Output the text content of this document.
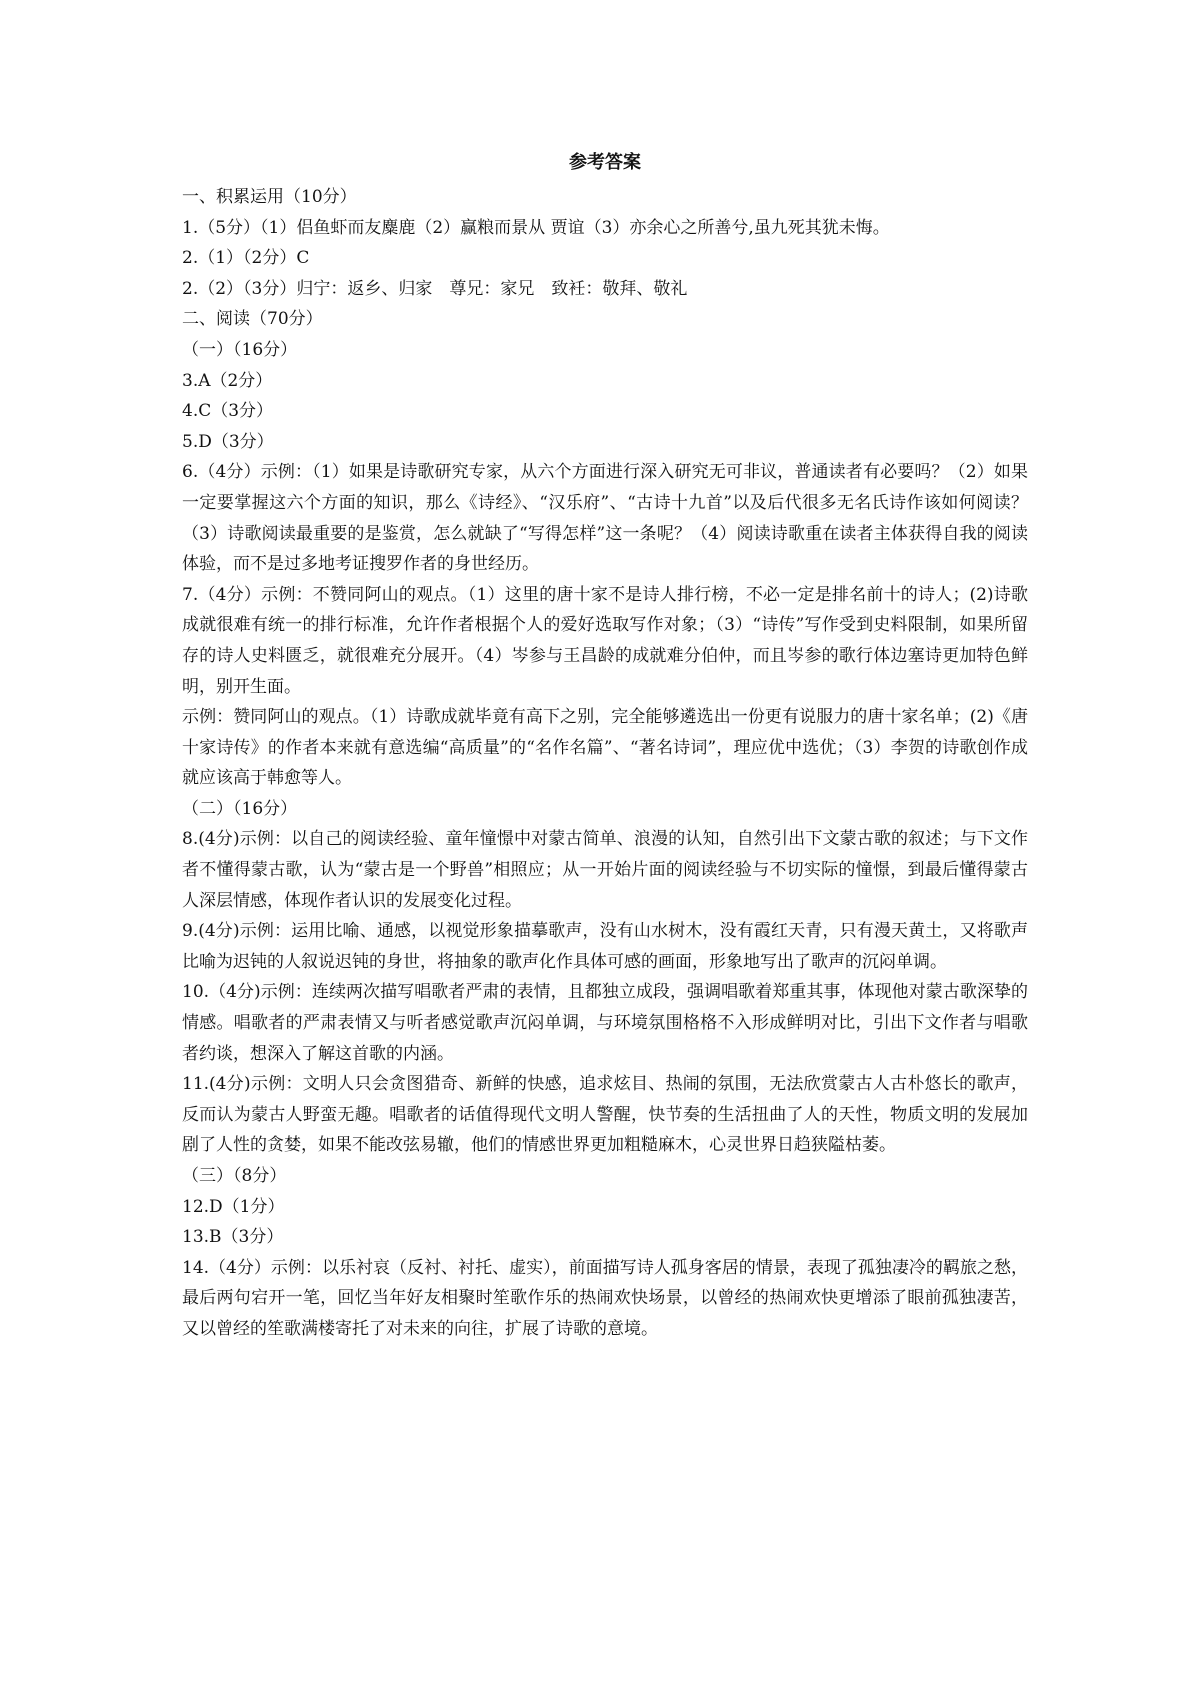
参考答案
一、积累运用（10分）

1.（5分）（1）侣鱼虾而友麋鹿（2）赢粮而景从 贾谊（3）亦余心之所善兮,虽九死其犹未悔。

2.（1）（2分）C

2.（2）（3分）归宁：返乡、归家　尊兄：家兄　致衽：敬拜、敬礼

二、阅读（70分）
（一）（16分）

3.A（2分）

4.C（3分）

5.D（3分）

6.（4分）示例：（1）如果是诗歌研究专家，从六个方面进行深入研究无可非议，普通读者有必要吗？（2）如果一定要掌握这六个方面的知识，那么《诗经》、“汉乐府”、“古诗十九首”以及后代很多无名氏诗作该如何阅读？（3）诗歌阅读最重要的是鉴赏，怎么就缺了“写得怎样”这一条呢？（4）阅读诗歌重在读者主体获得自我的阅读体验，而不是过多地考证搜罗作者的身世经历。

7.（4分）示例：不赞同阿山的观点。（1）这里的唐十家不是诗人排行榜，不必一定是排名前十的诗人；(2)诗歌成就很难有统一的排行标准，允许作者根据个人的爱好选取写作对象；（3）“诗传”写作受到史料限制，如果所留存的诗人史料匮乏，就很难充分展开。（4）岑参与王昌龄的成就难分伯仲，而且岑参的歌行体边塞诗更加特色鲜明，别开生面。

示例：赞同阿山的观点。（1）诗歌成就毕竟有高下之别，完全能够遴选出一份更有说服力的唐十家名单；(2)《唐十家诗传》的作者本来就有意选编“高质量”的“名作名篇”、“著名诗词”，理应优中选优；（3）李贺的诗歌创作成就应该高于韩愈等人。

（二）（16分）

8.(4分)示例：以自己的阅读经验、童年憧憬中对蒙古简单、浪漫的认知，自然引出下文蒙古歌的叙述；与下文作者不懂得蒙古歌，认为“蒙古是一个野兽”相照应；从一开始片面的阅读经验与不切实际的憧憬，到最后懂得蒙古人深层情感，体现作者认识的发展变化过程。

9.(4分)示例：运用比喻、通感，以视觉形象描摹歌声，没有山水树木，没有霞红天青，只有漫天黄土，又将歌声比喻为迟钝的人叙说迟钝的身世，将抽象的歌声化作具体可感的画面，形象地写出了歌声的沉闷单调。

10.（4分)示例：连续两次描写唱歌者严肃的表情，且都独立成段，强调唱歌着郑重其事，体现他对蒙古歌深挚的情感。唱歌者的严肃表情又与听者感觉歌声沉闷单调，与环境氛围格格不入形成鲜明对比，引出下文作者与唱歌者约谈，想深入了解这首歌的内涵。

11.(4分)示例：文明人只会贪图猎奇、新鲜的快感，追求炫目、热闹的氛围，无法欣赏蒙古人古朴悠长的歌声，反而认为蒙古人野蛮无趣。唱歌者的话值得现代文明人警醒，快节奏的生活扭曲了人的天性，物质文明的发展加剧了人性的贪婪，如果不能改弦易辙，他们的情感世界更加粗糙麻木，心灵世界日趋狭隘枯萎。

（三）（8分）

12.D（1分）

13.B（3分）

14.（4分）示例：以乐衬哀（反衬、衬托、虚实），前面描写诗人孤身客居的情景，表现了孤独凄冷的羁旅之愁，最后两句宕开一笔，回忆当年好友相聚时笙歌作乐的热闹欢快场景，以曾经的热闹欢快更增添了眼前孤独凄苦，又以曾经的笙歌满楼寄托了对未来的向往，扩展了诗歌的意境。
